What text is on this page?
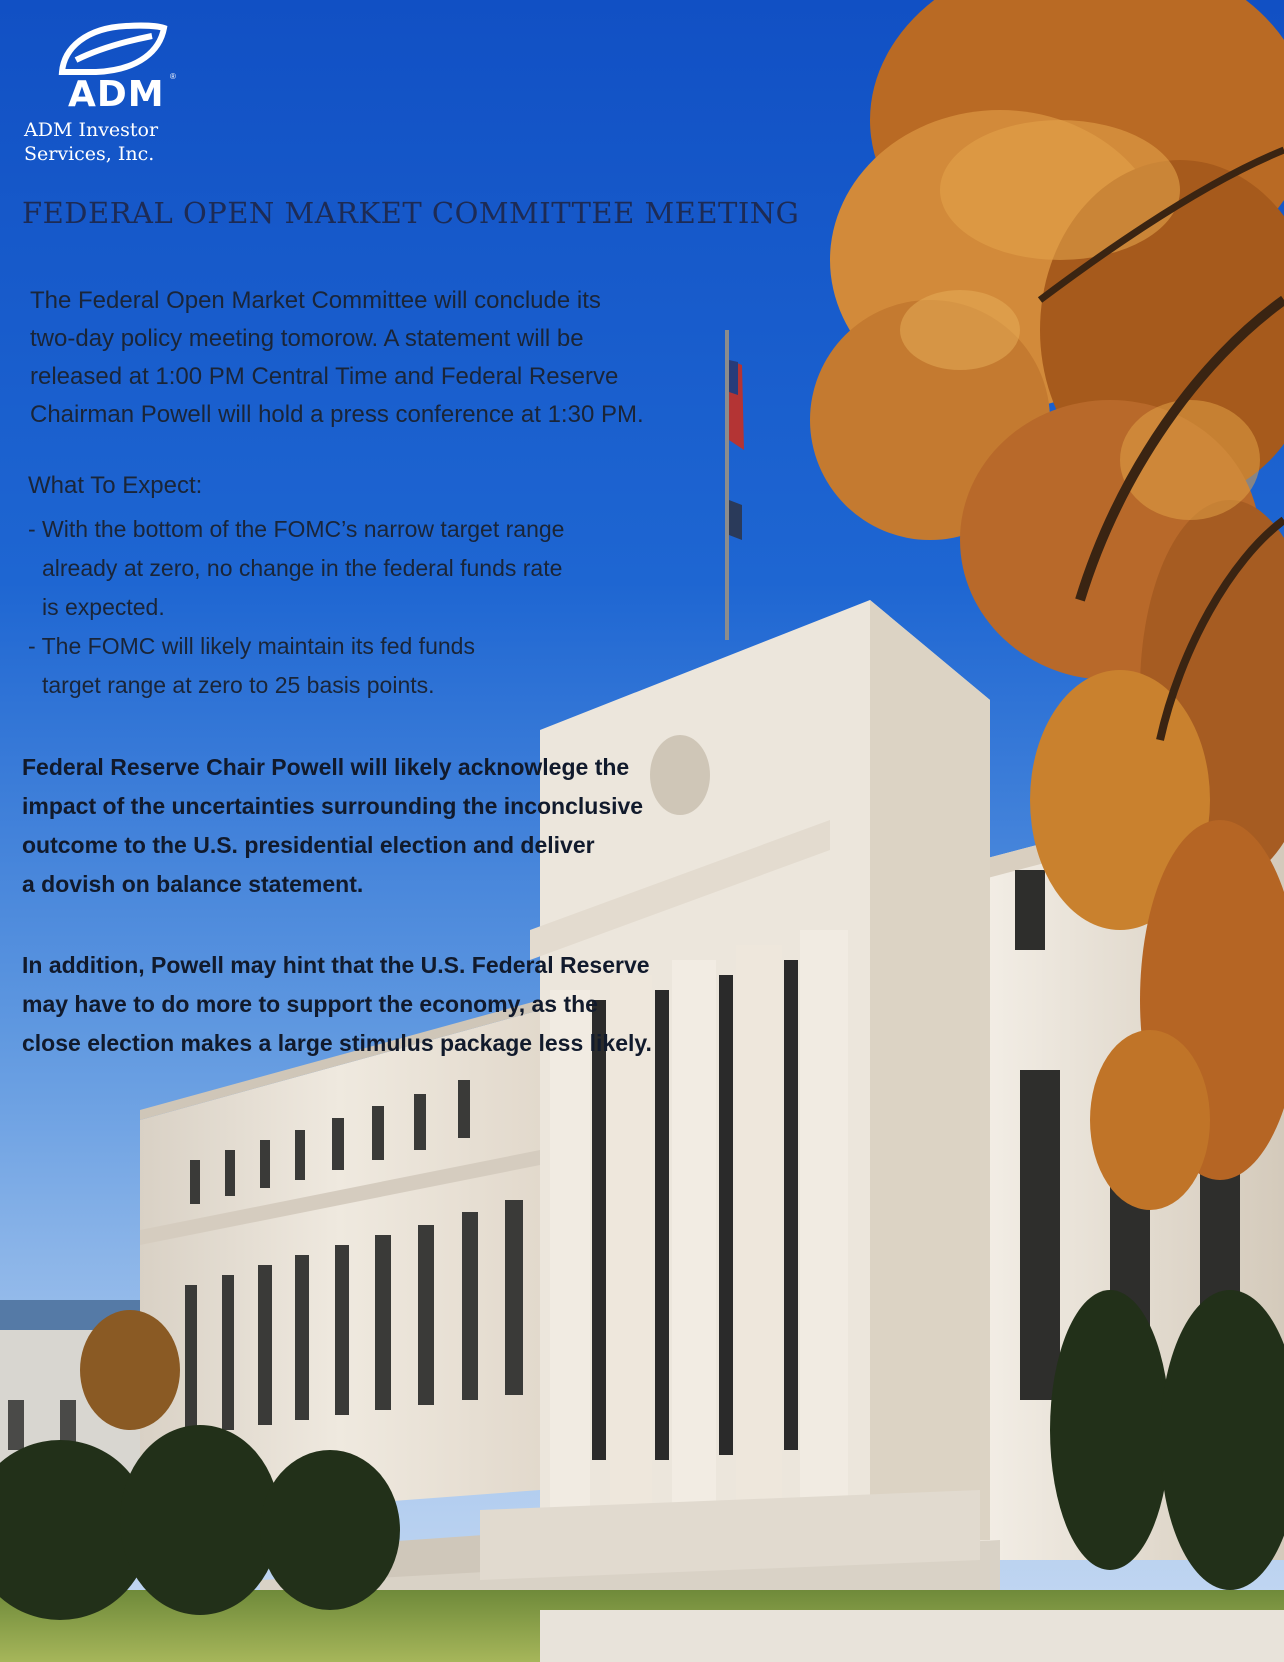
ADM ®

ADM Investor
Services, Inc.

FEDERAL OPEN MARKET COMMITTEE MEETING

The Federal Open Market Committee will conclude its
two-day policy meeting tomorow. A statement will be
released at 1:00 PM Central Time and Federal Reserve
Chairman Powell will hold a press conference at 1:30 PM.

What To Expect:
- With the bottom of the FOMC’s narrow target range
already at zero, no change in the federal funds rate
is expected.
- The FOMC will likely maintain its fed funds
target range at zero to 25 basis points.

Federal Reserve Chair Powell will likely acknowlege the
impact of the uncertainties surrounding the inconclusive
outcome to the U.S. presidential election and deliver
a dovish on balance statement.

In addition, Powell may hint that the U.S. Federal Reserve
may have to do more to support the economy, as the
close election makes a large stimulus package less likely.
